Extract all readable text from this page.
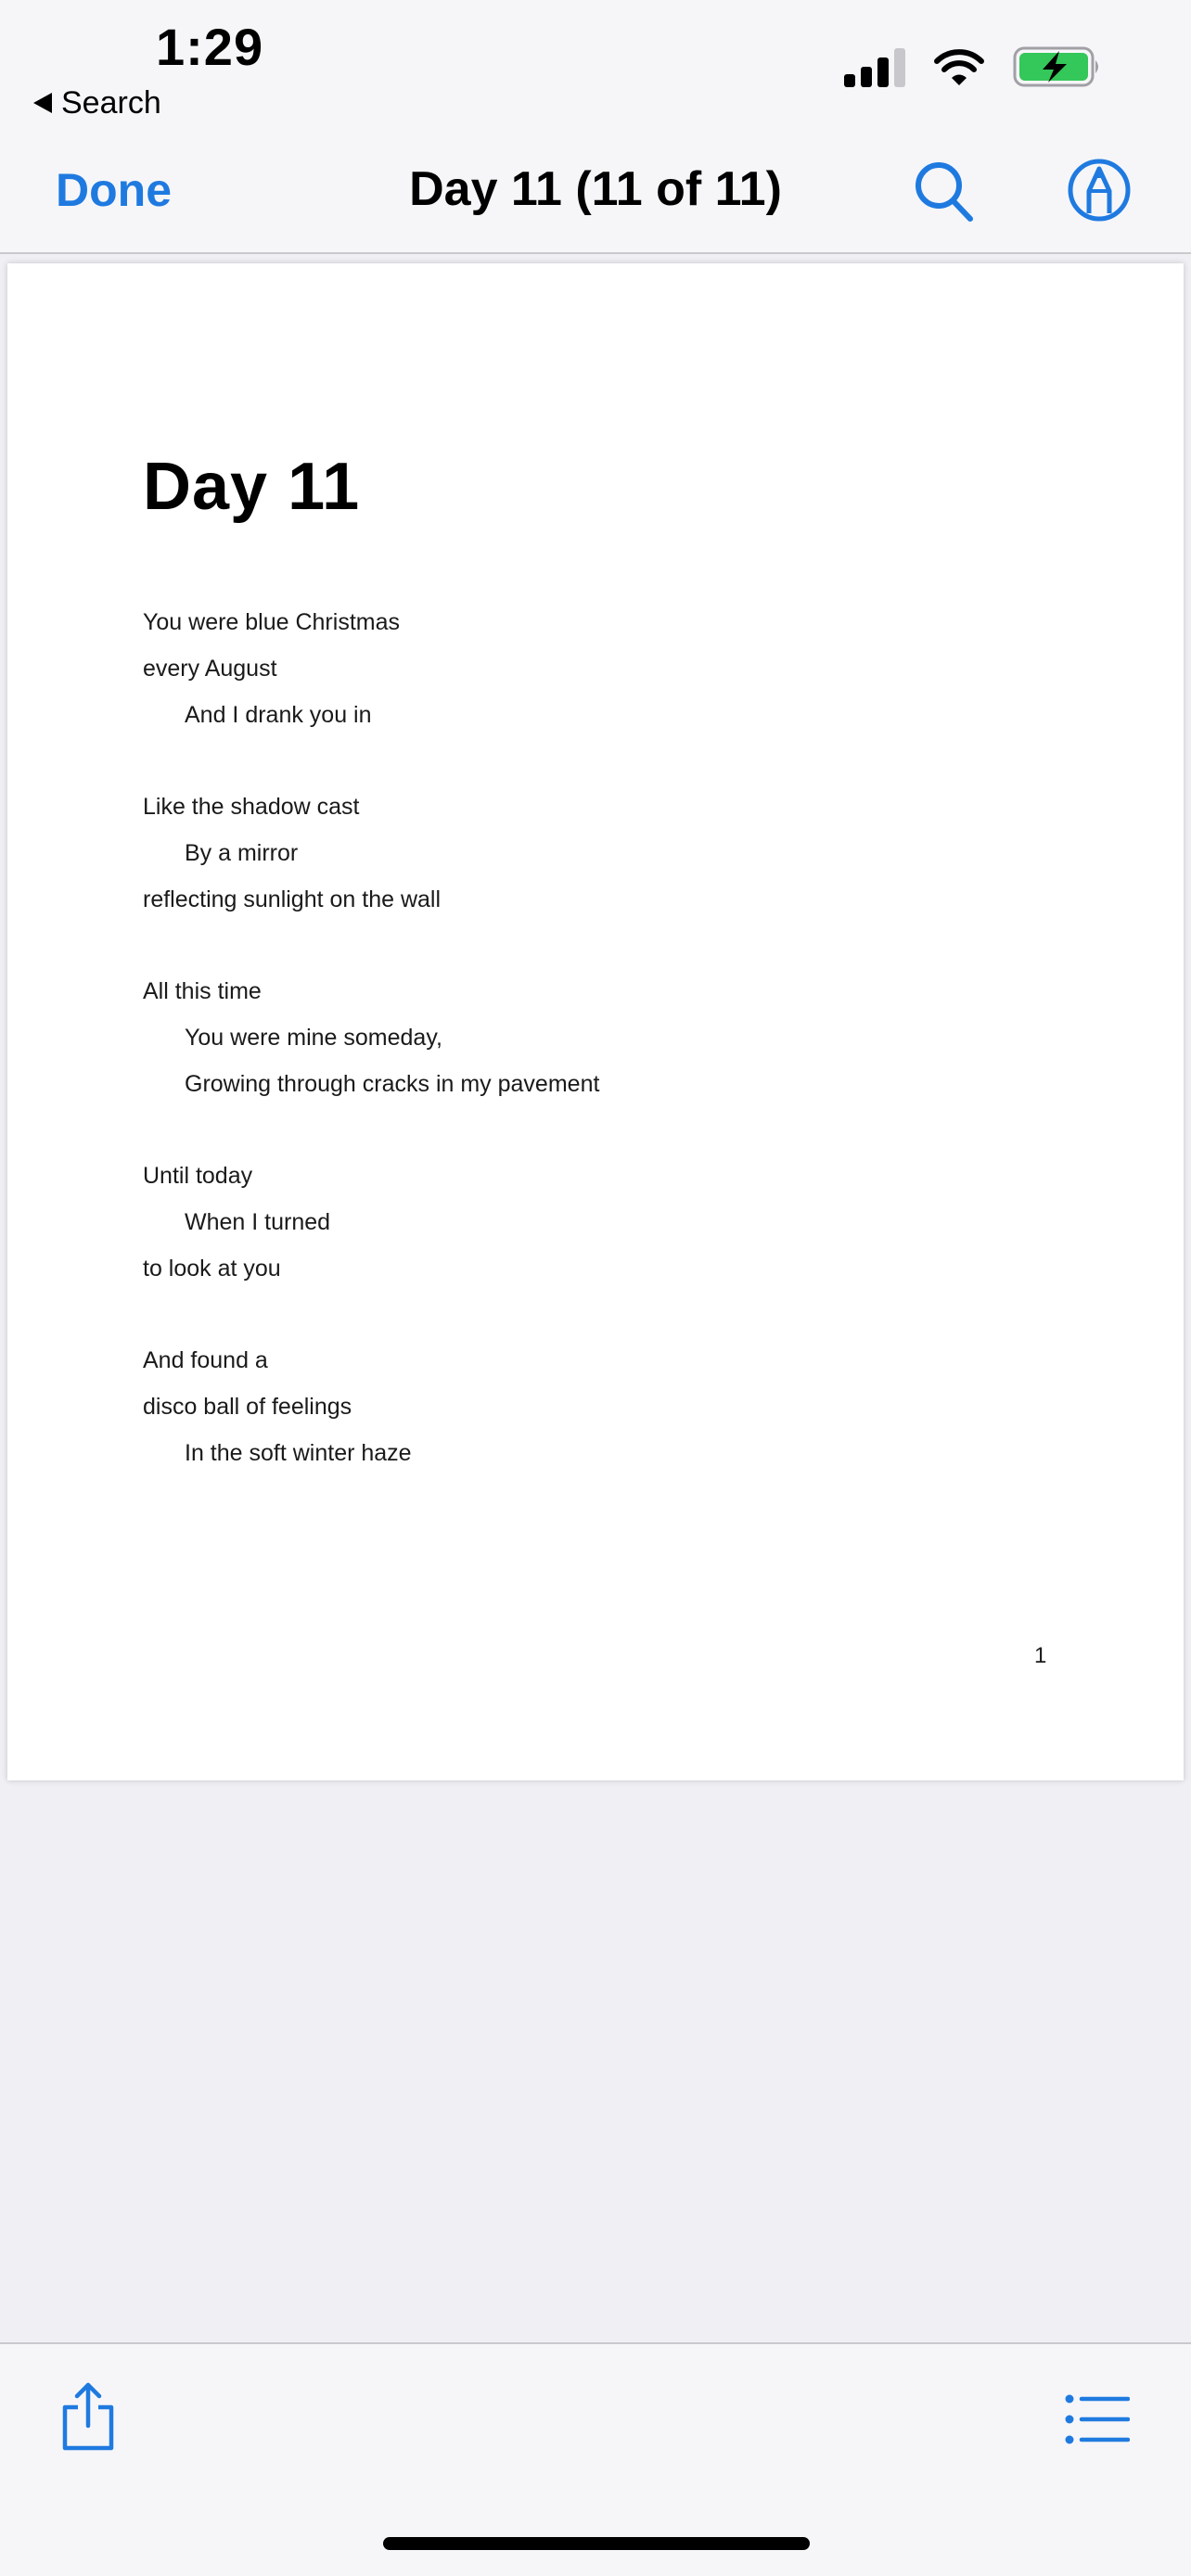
1:29
Search
Done	Day 11 (11 of 11)
Day 11
You were blue Christmas
every August
And I drank you in
Like the shadow cast
By a mirror
reflecting sunlight on the wall
All this time
You were mine someday,
Growing through cracks in my pavement
Until today
When I turned
to look at you
And found a
disco ball of feelings
In the soft winter haze
1
